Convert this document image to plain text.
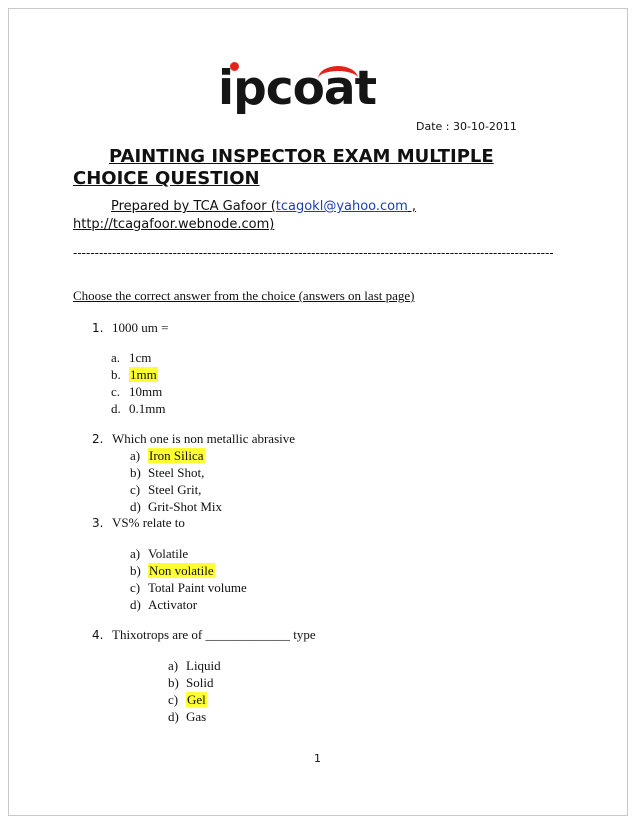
ipcoat
Date : 30-10-2011
PAINTING INSPECTOR EXAM MULTIPLE CHOICE QUESTION
Prepared by TCA Gafoor (tcagokl@yahoo.com ,
http://tcagafoor.webnode.com)
---------------------------------------------------------------------------------------------------------------
Choose the correct answer from the choice (answers on last page)
1. 1000 um =
a. 1cm
b. 1mm
c. 10mm
d. 0.1mm
2. Which one is non metallic abrasive
a) Iron Silica
b) Steel Shot,
c) Steel Grit,
d) Grit-Shot Mix
3. VS% relate to
a) Volatile
b) Non volatile
c) Total Paint volume
d) Activator
4. Thixotrops are of _____________ type
a) Liquid
b) Solid
c) Gel
d) Gas
1
